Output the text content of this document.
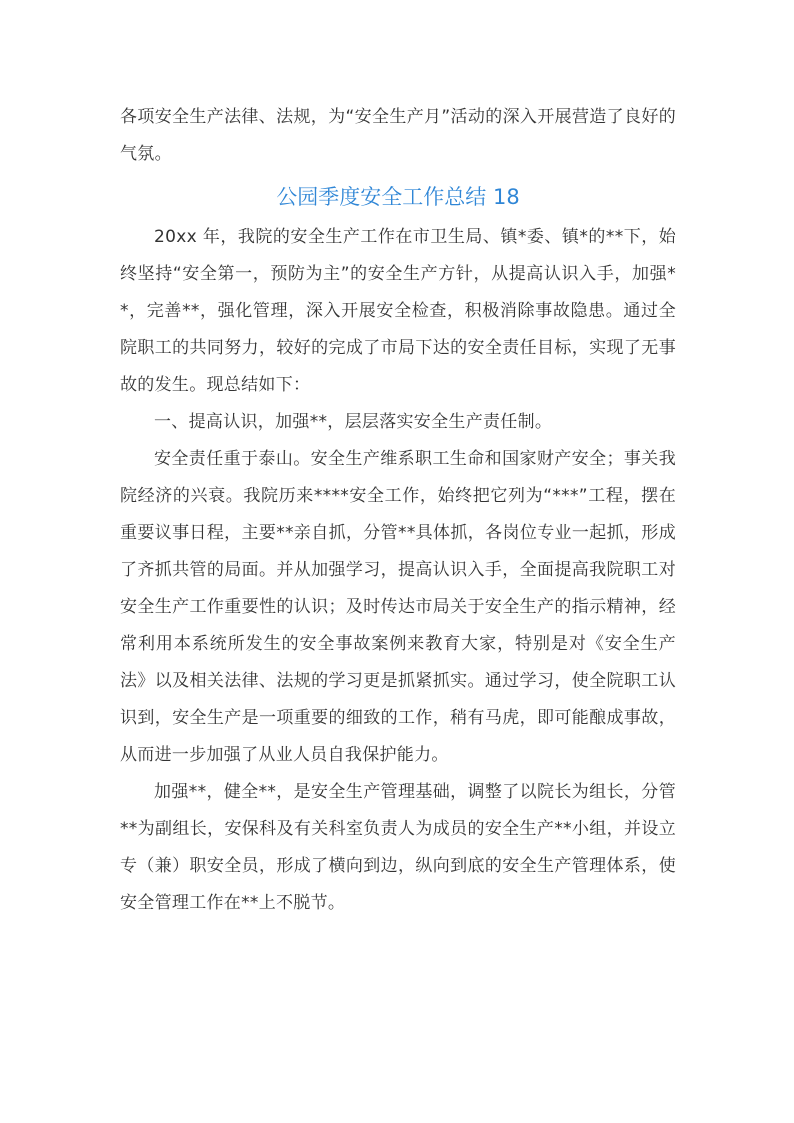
各项安全生产法律、法规，为“安全生产月”活动的深入开展营造了良好的气氛。

公园季度安全工作总结 18

20xx 年，我院的安全生产工作在市卫生局、镇*委、镇*的**下，始终坚持“安全第一，预防为主”的安全生产方针，从提高认识入手，加强**，完善**，强化管理，深入开展安全检查，积极消除事故隐患。通过全院职工的共同努力，较好的完成了市局下达的安全责任目标，实现了无事故的发生。现总结如下：

一、提高认识，加强**，层层落实安全生产责任制。

安全责任重于泰山。安全生产维系职工生命和国家财产安全；事关我院经济的兴衰。我院历来****安全工作，始终把它列为“***”工程，摆在重要议事日程，主要**亲自抓，分管**具体抓，各岗位专业一起抓，形成了齐抓共管的局面。并从加强学习，提高认识入手，全面提高我院职工对安全生产工作重要性的认识；及时传达市局关于安全生产的指示精神，经常利用本系统所发生的安全事故案例来教育大家，特别是对《安全生产法》以及相关法律、法规的学习更是抓紧抓实。通过学习，使全院职工认识到，安全生产是一项重要的细致的工作，稍有马虎，即可能酿成事故，从而进一步加强了从业人员自我保护能力。

加强**，健全**，是安全生产管理基础，调整了以院长为组长，分管**为副组长，安保科及有关科室负责人为成员的安全生产**小组，并设立专（兼）职安全员，形成了横向到边，纵向到底的安全生产管理体系，使安全管理工作在**上不脱节。
